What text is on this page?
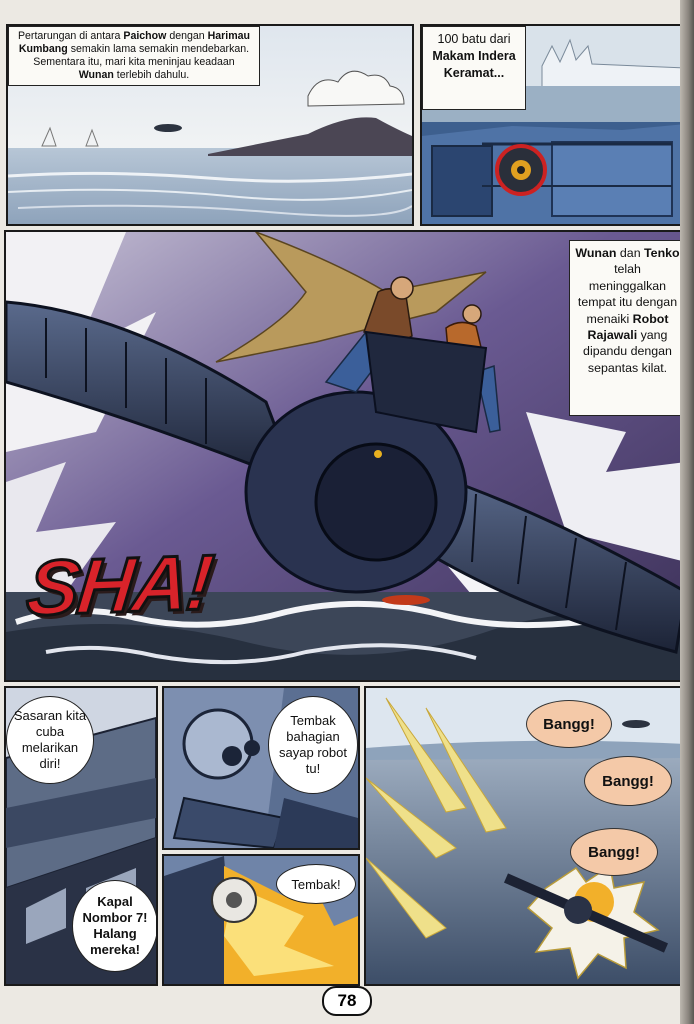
Pertarungan di antara Paichow dengan Harimau Kumbang semakin lama semakin mendebarkan. Sementara itu, mari kita meninjau keadaan Wunan terlebih dahulu.
100 batu dari
Makam Indera Keramat...
Wunan dan Tenko telah meninggalkan tempat itu dengan menaiki Robot Rajawali yang dipandu dengan sepantas kilat.
SHA!
Sasaran kita cuba melarikan diri!
Kapal Nombor 7! Halang mereka!
Tembak bahagian sayap robot tu!
Tembak!
Bangg!
Bangg!
Bangg!
78
